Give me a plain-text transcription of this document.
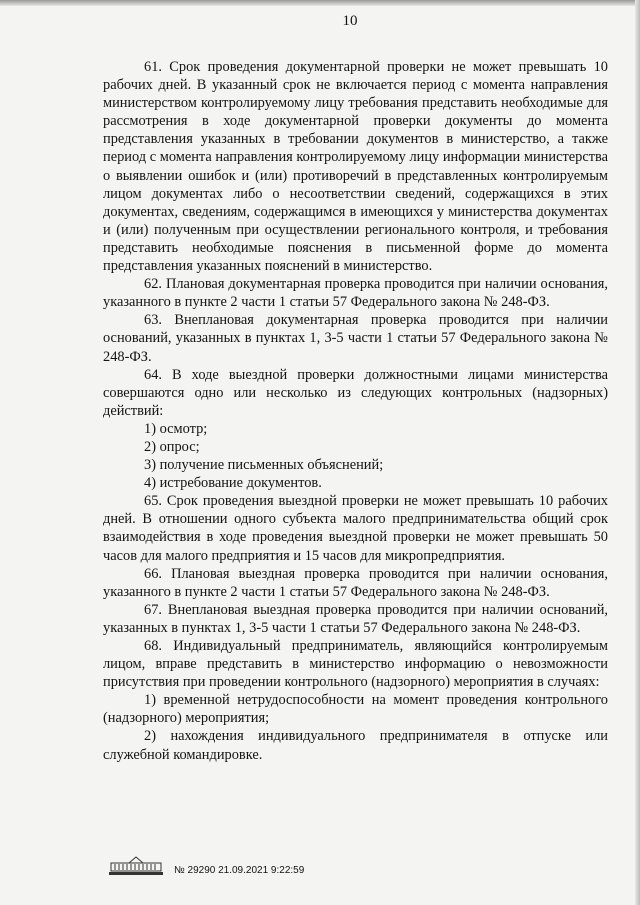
10

61. Срок проведения документарной проверки не может превышать 10 рабочих дней. В указанный срок не включается период с момента направления министерством контролируемому лицу требования представить необходимые для рассмотрения в ходе документарной проверки документы до момента представления указанных в требовании документов в министерство, а также период с момента направления контролируемому лицу информации министерства о выявлении ошибок и (или) противоречий в представленных контролируемым лицом документах либо о несоответствии сведений, содержащихся в этих документах, сведениям, содержащимся в имеющихся у министерства документах и (или) полученным при осуществлении регионального контроля, и требования представить необходимые пояснения в письменной форме до момента представления указанных пояснений в министерство.

62. Плановая документарная проверка проводится при наличии основания, указанного в пункте 2 части 1 статьи 57 Федерального закона № 248-ФЗ.

63. Внеплановая документарная проверка проводится при наличии оснований, указанных в пунктах 1, 3-5 части 1 статьи 57 Федерального закона № 248-ФЗ.

64. В ходе выездной проверки должностными лицами министерства совершаются одно или несколько из следующих контрольных (надзорных) действий:

1) осмотр;

2) опрос;

3) получение письменных объяснений;

4) истребование документов.

65. Срок проведения выездной проверки не может превышать 10 рабочих дней. В отношении одного субъекта малого предпринимательства общий срок взаимодействия в ходе проведения выездной проверки не может превышать 50 часов для малого предприятия и 15 часов для микропредприятия.

66. Плановая выездная проверка проводится при наличии основания, указанного в пункте 2 части 1 статьи 57 Федерального закона № 248-ФЗ.

67. Внеплановая выездная проверка проводится при наличии оснований, указанных в пунктах 1, 3-5 части 1 статьи 57 Федерального закона № 248-ФЗ.

68. Индивидуальный предприниматель, являющийся контролируемым лицом, вправе представить в министерство информацию о невозможности присутствия при проведении контрольного (надзорного) мероприятия в случаях:

1) временной нетрудоспособности на момент проведения контрольного (надзорного) мероприятия;

2) нахождения индивидуального предпринимателя в отпуске или служебной командировке.

№ 29290 21.09.2021 9:22:59
